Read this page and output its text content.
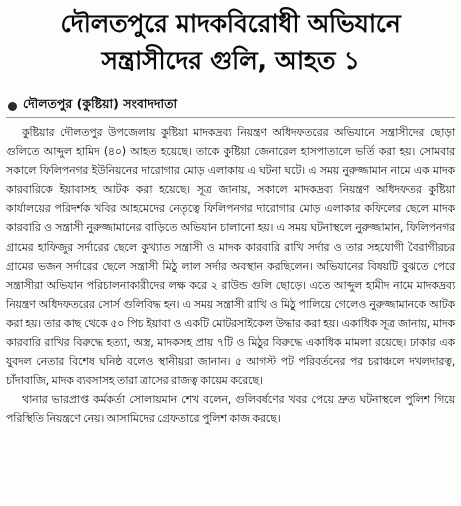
দৌলতপুরে মাদকবিরোধী অভিযানে
সন্ত্রাসীদের গুলি, আহত ১
দৌলতপুর (কুষ্টিয়া) সংবাদদাতা

কুষ্টিয়ার দৌলতপুর উপজেলায় কুষ্টিয়া মাদকদ্রব্য নিয়ন্ত্রণ অধিদফতরের অভিযানে সন্ত্রাসীদের ছোড়া গুলিতে আব্দুল হামিদ (৪০) আহত হয়েছে। তাকে কুষ্টিয়া জেনারেল হাসপাতালে ভর্তি করা হয়। সোমবার সকালে ফিলিপনগর ইউনিয়নের দারোগার মোড় এলাকায় এ ঘটনা ঘটে। এ সময় নুরুজ্জামান নামে এক মাদক কারবারিকে ইয়াবাসহ আটক করা হয়েছে। সূত্র জানায়, সকালে মাদকদ্রব্য নিয়ন্ত্রণ অধিদফতর কুষ্টিয়া কার্যালয়ের পরিদর্শক খবির আহমেদের নেতৃত্বে ফিলিপনগর দারোগার মোড় এলাকার কফিলের ছেলে মাদক কারবারি ও সন্ত্রাসী নুরুজ্জামানের বাড়িতে অভিযান চালানো হয়। এ সময় ঘটনাস্থলে নুরুজ্জামান, ফিলিপনগর গ্রামের হাফিজুর সর্দারের ছেলে কুখ্যাত সন্ত্রাসী ও মাদক কারবারি রাখি সর্দার ও তার সহযোগী বৈরাগীরচর গ্রামের ভজন সর্দারের ছেলে সন্ত্রাসী মিঠু লাল সর্দার অবস্থান করছিলেন। অভিযানের বিষয়টি বুঝতে পেরে সন্ত্রাসীরা অভিযান পরিচালনাকারীদের লক্ষ করে ২ রাউন্ড গুলি ছোড়ে। এতে আব্দুল হামীদ নামে মাদকদ্রব্য নিয়ন্ত্রণ অধিদফতরের সোর্স গুলিবিদ্ধ হন। এ সময় সন্ত্রাসী রাখি ও মিঠু পালিয়ে গেলেও নুরুজ্জামানকে আটক করা হয়। তার কাছ থেকে ৫০ পিচ ইয়াবা ও একটি মোটরসাইকেল উদ্ধার করা হয়। একাধিক সূত্র জানায়, মাদক কারবারি রাখির বিরুদ্ধে হত্যা, অস্ত্র, মাদকসহ প্রায় ৭টি ও মিঠুর বিরুদ্ধে একাধিক মামলা রয়েছে। ঢাকার এক যুবদল নেতার বিশেষ ঘনিষ্ঠ বলেও স্থানীয়রা জানান। ৫ আগস্ট পট পরিবর্তনের পর চরাঞ্চলে দখলদারত্ব, চাঁদাবাজি, মাদক ব্যবসাসহ তারা ত্রাসের রাজত্ব কায়েম করেছে।

থানার ভারপ্রাপ্ত কর্মকর্তা সোলায়মান শেখ বলেন, গুলিবর্ষণের খবর পেয়ে দ্রুত ঘটনাস্থলে পুলিশ গিয়ে পরিস্থিতি নিয়ন্ত্রণে নেয়। আসামিদের গ্রেফতারে পুলিশ কাজ করছে।
